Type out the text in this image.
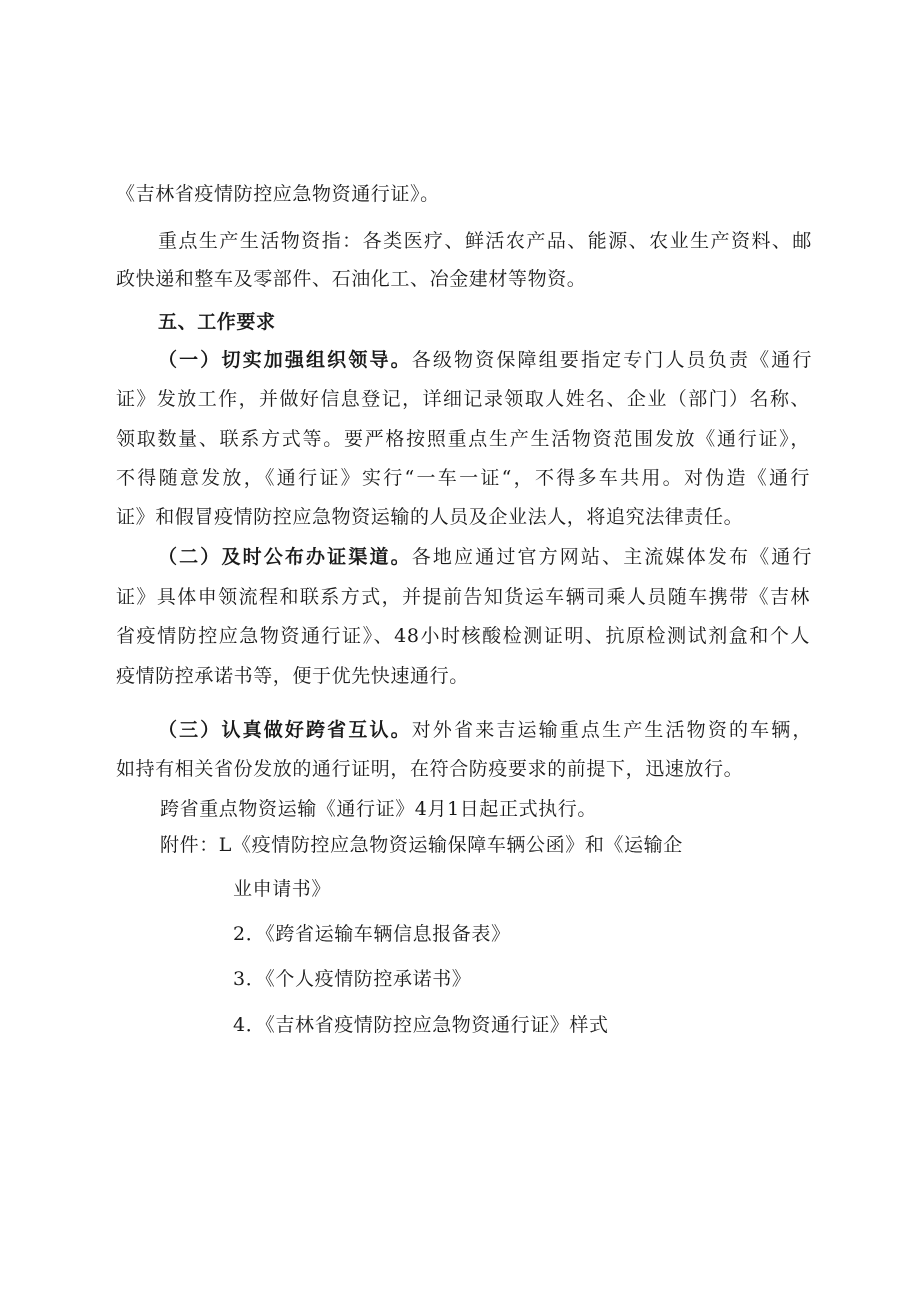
《吉林省疫情防控应急物资通行证》。
重点生产生活物资指：各类医疗、鲜活农产品、能源、农业生产资料、邮
政快递和整车及零部件、石油化工、冶金建材等物资。
五、工作要求
（一）切实加强组织领导。各级物资保障组要指定专门人员负责《通行
证》发放工作，并做好信息登记，详细记录领取人姓名、企业（部门）名称、
领取数量、联系方式等。要严格按照重点生产生活物资范围发放《通行证》，
不得随意发放，《通行证》实行“一车一证“，不得多车共用。对伪造《通行
证》和假冒疫情防控应急物资运输的人员及企业法人，将追究法律责任。
（二）及时公布办证渠道。各地应通过官方网站、主流媒体发布《通行
证》具体申领流程和联系方式，并提前告知货运车辆司乘人员随车携带《吉林
省疫情防控应急物资通行证》、48小时核酸检测证明、抗原检测试剂盒和个人
疫情防控承诺书等，便于优先快速通行。
（三）认真做好跨省互认。对外省来吉运输重点生产生活物资的车辆，
如持有相关省份发放的通行证明，在符合防疫要求的前提下，迅速放行。
跨省重点物资运输《通行证》4月1日起正式执行。
附件：L《疫情防控应急物资运输保障车辆公函》和《运输企
业申请书》
2．《跨省运输车辆信息报备表》
3．《个人疫情防控承诺书》
4．《吉林省疫情防控应急物资通行证》样式
